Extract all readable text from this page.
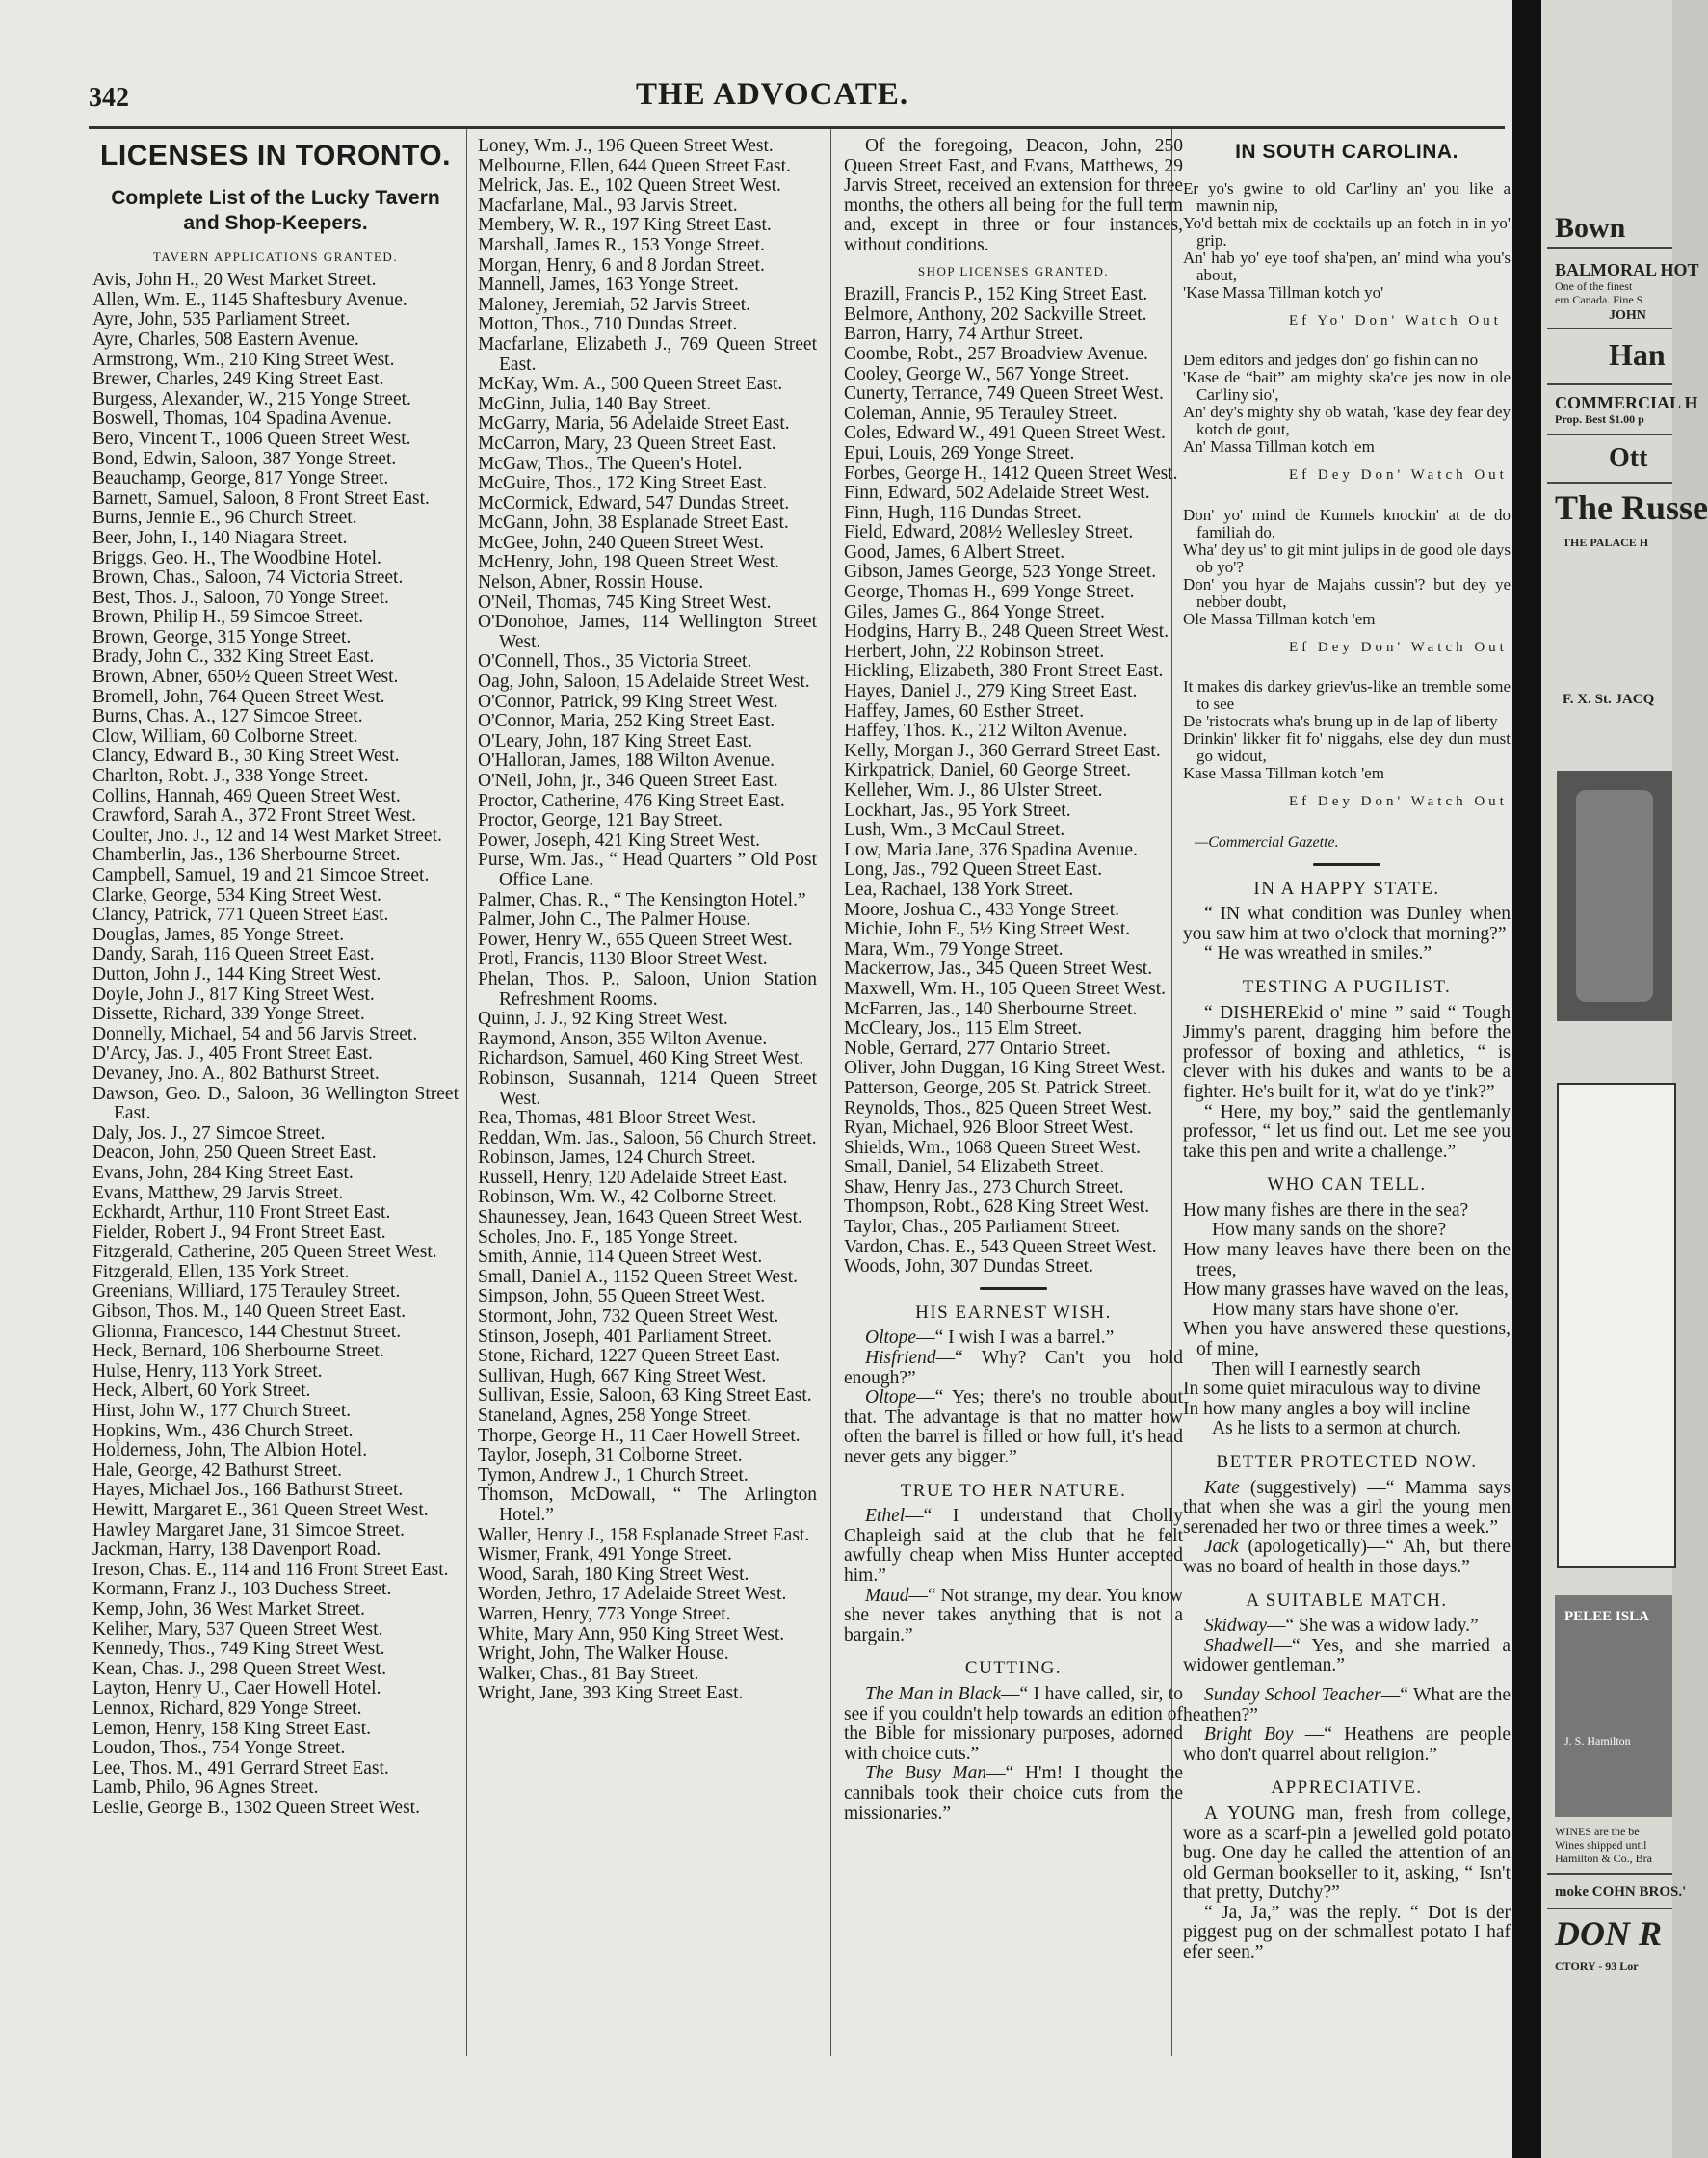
342	THE ADVOCATE.
LICENSES IN TORONTO.
Complete List of the Lucky Tavern and Shop-Keepers.
TAVERN APPLICATIONS GRANTED.
Avis, John H., 20 West Market Street.
Allen, Wm. E., 1145 Shaftesbury Avenue.
Ayre, John, 535 Parliament Street.
Ayre, Charles, 508 Eastern Avenue.
Armstrong, Wm., 210 King Street West.
Brewer, Charles, 249 King Street East.
Burgess, Alexander, W., 215 Yonge Street.
Boswell, Thomas, 104 Spadina Avenue.
Bero, Vincent T., 1006 Queen Street West.
Bond, Edwin, Saloon, 387 Yonge Street.
Beauchamp, George, 817 Yonge Street.
Barnett, Samuel, Saloon, 8 Front Street East.
Burns, Jennie E., 96 Church Street.
Beer, John, I., 140 Niagara Street.
Briggs, Geo. H., The Woodbine Hotel.
Brown, Chas., Saloon, 74 Victoria Street.
Best, Thos. J., Saloon, 70 Yonge Street.
Brown, Philip H., 59 Simcoe Street.
Brown, George, 315 Yonge Street.
Brady, John C., 332 King Street East.
Brown, Abner, 650½ Queen Street West.
Bromell, John, 764 Queen Street West.
Burns, Chas. A., 127 Simcoe Street.
Clow, William, 60 Colborne Street.
Clancy, Edward B., 30 King Street West.
Charlton, Robt. J., 338 Yonge Street.
Collins, Hannah, 469 Queen Street West.
Crawford, Sarah A., 372 Front Street West.
Coulter, Jno. J., 12 and 14 West Market Street.
Chamberlin, Jas., 136 Sherbourne Street.
Campbell, Samuel, 19 and 21 Simcoe Street.
Clarke, George, 534 King Street West.
Clancy, Patrick, 771 Queen Street East.
Douglas, James, 85 Yonge Street.
Dandy, Sarah, 116 Queen Street East.
Dutton, John J., 144 King Street West.
Doyle, John J., 817 King Street West.
Dissette, Richard, 339 Yonge Street.
Donnelly, Michael, 54 and 56 Jarvis Street.
D'Arcy, Jas. J., 405 Front Street East.
Devaney, Jno. A., 802 Bathurst Street.
Dawson, Geo. D., Saloon, 36 Wellington Street East.
Daly, Jos. J., 27 Simcoe Street.
Deacon, John, 250 Queen Street East.
Evans, John, 284 King Street East.
Evans, Matthew, 29 Jarvis Street.
Eckhardt, Arthur, 110 Front Street East.
Fielder, Robert J., 94 Front Street East.
Fitzgerald, Catherine, 205 Queen Street West.
Fitzgerald, Ellen, 135 York Street.
Greenians, Williard, 175 Terauley Street.
Gibson, Thos. M., 140 Queen Street East.
Glionna, Francesco, 144 Chestnut Street.
Heck, Bernard, 106 Sherbourne Street.
Hulse, Henry, 113 York Street.
Heck, Albert, 60 York Street.
Hirst, John W., 177 Church Street.
Hopkins, Wm., 436 Church Street.
Holderness, John, The Albion Hotel.
Hale, George, 42 Bathurst Street.
Hayes, Michael Jos., 166 Bathurst Street.
Hewitt, Margaret E., 361 Queen Street West.
Hawley Margaret Jane, 31 Simcoe Street.
Jackman, Harry, 138 Davenport Road.
Ireson, Chas. E., 114 and 116 Front Street East.
Kormann, Franz J., 103 Duchess Street.
Kemp, John, 36 West Market Street.
Keliher, Mary, 537 Queen Street West.
Kennedy, Thos., 749 King Street West.
Kean, Chas. J., 298 Queen Street West.
Layton, Henry U., Caer Howell Hotel.
Lennox, Richard, 829 Yonge Street.
Lemon, Henry, 158 King Street East.
Loudon, Thos., 754 Yonge Street.
Lee, Thos. M., 491 Gerrard Street East.
Lamb, Philo, 96 Agnes Street.
Leslie, George B., 1302 Queen Street West.
Loney, Wm. J., 196 Queen Street West.
Melbourne, Ellen, 644 Queen Street East.
Melrick, Jas. E., 102 Queen Street West.
Macfarlane, Mal., 93 Jarvis Street.
Membery, W. R., 197 King Street East.
Marshall, James R., 153 Yonge Street.
Morgan, Henry, 6 and 8 Jordan Street.
Mannell, James, 163 Yonge Street.
Maloney, Jeremiah, 52 Jarvis Street.
Motton, Thos., 710 Dundas Street.
Macfarlane, Elizabeth J., 769 Queen Street East.
McKay, Wm. A., 500 Queen Street East.
McGinn, Julia, 140 Bay Street.
McGarry, Maria, 56 Adelaide Street East.
McCarron, Mary, 23 Queen Street East.
McGaw, Thos., The Queen's Hotel.
McGuire, Thos., 172 King Street East.
McCormick, Edward, 547 Dundas Street.
McGann, John, 38 Esplanade Street East.
McGee, John, 240 Queen Street West.
McHenry, John, 198 Queen Street West.
Nelson, Abner, Rossin House.
O'Neil, Thomas, 745 King Street West.
O'Donohoe, James, 114 Wellington Street West.
O'Connell, Thos., 35 Victoria Street.
Oag, John, Saloon, 15 Adelaide Street West.
O'Connor, Patrick, 99 King Street West.
O'Connor, Maria, 252 King Street East.
O'Leary, John, 187 King Street East.
O'Halloran, James, 188 Wilton Avenue.
O'Neil, John, jr., 346 Queen Street East.
Proctor, Catherine, 476 King Street East.
Proctor, George, 121 Bay Street.
Power, Joseph, 421 King Street West.
Purse, Wm. Jas., “ Head Quarters ” Old Post Office Lane.
Palmer, Chas. R., “ The Kensington Hotel.”
Palmer, John C., The Palmer House.
Power, Henry W., 655 Queen Street West.
Protl, Francis, 1130 Bloor Street West.
Phelan, Thos. P., Saloon, Union Station Refreshment Rooms.
Quinn, J. J., 92 King Street West.
Raymond, Anson, 355 Wilton Avenue.
Richardson, Samuel, 460 King Street West.
Robinson, Susannah, 1214 Queen Street West.
Rea, Thomas, 481 Bloor Street West.
Reddan, Wm. Jas., Saloon, 56 Church Street.
Robinson, James, 124 Church Street.
Russell, Henry, 120 Adelaide Street East.
Robinson, Wm. W., 42 Colborne Street.
Shaunessey, Jean, 1643 Queen Street West.
Scholes, Jno. F., 185 Yonge Street.
Smith, Annie, 114 Queen Street West.
Small, Daniel A., 1152 Queen Street West.
Simpson, John, 55 Queen Street West.
Stormont, John, 732 Queen Street West.
Stinson, Joseph, 401 Parliament Street.
Stone, Richard, 1227 Queen Street East.
Sullivan, Hugh, 667 King Street West.
Sullivan, Essie, Saloon, 63 King Street East.
Staneland, Agnes, 258 Yonge Street.
Thorpe, George H., 11 Caer Howell Street.
Taylor, Joseph, 31 Colborne Street.
Tymon, Andrew J., 1 Church Street.
Thomson, McDowall, “ The Arlington Hotel.”
Waller, Henry J., 158 Esplanade Street East.
Wismer, Frank, 491 Yonge Street.
Wood, Sarah, 180 King Street West.
Worden, Jethro, 17 Adelaide Street West.
Warren, Henry, 773 Yonge Street.
White, Mary Ann, 950 King Street West.
Wright, John, The Walker House.
Walker, Chas., 81 Bay Street.
Wright, Jane, 393 King Street East.

Of the foregoing, Deacon, John, 250 Queen Street East, and Evans, Matthews, 29 Jarvis Street, received an extension for three months, the others all being for the full term and, except in three or four instances, without conditions.

SHOP LICENSES GRANTED.
Brazill, Francis P., 152 King Street East.
Belmore, Anthony, 202 Sackville Street.
Barron, Harry, 74 Arthur Street.
Coombe, Robt., 257 Broadview Avenue.
Cooley, George W., 567 Yonge Street.
Cunerty, Terrance, 749 Queen Street West.
Coleman, Annie, 95 Terauley Street.
Coles, Edward W., 491 Queen Street West.
Epui, Louis, 269 Yonge Street.
Forbes, George H., 1412 Queen Street West.
Finn, Edward, 502 Adelaide Street West.
Finn, Hugh, 116 Dundas Street.
Field, Edward, 208½ Wellesley Street.
Good, James, 6 Albert Street.
Gibson, James George, 523 Yonge Street.
George, Thomas H., 699 Yonge Street.
Giles, James G., 864 Yonge Street.
Hodgins, Harry B., 248 Queen Street West.
Herbert, John, 22 Robinson Street.
Hickling, Elizabeth, 380 Front Street East.
Hayes, Daniel J., 279 King Street East.
Haffey, James, 60 Esther Street.
Haffey, Thos. K., 212 Wilton Avenue.
Kelly, Morgan J., 360 Gerrard Street East.
Kirkpatrick, Daniel, 60 George Street.
Kelleher, Wm. J., 86 Ulster Street.
Lockhart, Jas., 95 York Street.
Lush, Wm., 3 McCaul Street.
Low, Maria Jane, 376 Spadina Avenue.
Long, Jas., 792 Queen Street East.
Lea, Rachael, 138 York Street.
Moore, Joshua C., 433 Yonge Street.
Michie, John F., 5½ King Street West.
Mara, Wm., 79 Yonge Street.
Mackerrow, Jas., 345 Queen Street West.
Maxwell, Wm. H., 105 Queen Street West.
McFarren, Jas., 140 Sherbourne Street.
McCleary, Jos., 115 Elm Street.
Noble, Gerrard, 277 Ontario Street.
Oliver, John Duggan, 16 King Street West.
Patterson, George, 205 St. Patrick Street.
Reynolds, Thos., 825 Queen Street West.
Ryan, Michael, 926 Bloor Street West.
Shields, Wm., 1068 Queen Street West.
Small, Daniel, 54 Elizabeth Street.
Shaw, Henry Jas., 273 Church Street.
Thompson, Robt., 628 King Street West.
Taylor, Chas., 205 Parliament Street.
Vardon, Chas. E., 543 Queen Street West.
Woods, John, 307 Dundas Street.
HIS EARNEST WISH.

Oltope—“ I wish I was a barrel.”

Hisfriend—“ Why? Can't you hold enough?”

Oltope—“ Yes; there's no trouble about that. The advantage is that no matter how often the barrel is filled or how full, it's head never gets any bigger.”

TRUE TO HER NATURE.

Ethel—“ I understand that Cholly Chapleigh said at the club that he felt awfully cheap when Miss Hunter accepted him.”

Maud—“ Not strange, my dear. You know she never takes anything that is not a bargain.”

CUTTING.

The Man in Black—“ I have called, sir, to see if you couldn't help towards an edition of the Bible for missionary purposes, adorned with choice cuts.”

The Busy Man—“ H'm! I thought the cannibals took their choice cuts from the missionaries.”

IN SOUTH CAROLINA.
Er yo's gwine to old Car'liny an' you like a mawnin nip,
Yo'd bettah mix de cocktails up an fotch in in yo' grip.
An' hab yo' eye toof sha'pen, an' mind wha you's about,
'Kase Massa Tillman kotch yo'
Ef Yo' Don' Watch Out
Dem editors and jedges don' go fishin can no
'Kase de “bait” am mighty ska'ce jes now in ole Car'liny sio',
An' dey's mighty shy ob watah, 'kase dey fear dey kotch de gout,
An' Massa Tillman kotch 'em
Ef Dey Don' Watch Out
Don' yo' mind de Kunnels knockin' at de do familiah do,
Wha' dey us' to git mint julips in de good ole days ob yo'?
Don' you hyar de Majahs cussin'? but dey ye nebber doubt,
Ole Massa Tillman kotch 'em
Ef Dey Don' Watch Out
It makes dis darkey griev'us-like an tremble some to see
De 'ristocrats wha's brung up in de lap of liberty
Drinkin' likker fit fo' niggahs, else dey dun must go widout,
Kase Massa Tillman kotch 'em
Ef Dey Don' Watch Out
—Commercial Gazette.
IN A HAPPY STATE.

“ IN what condition was Dunley when you saw him at two o'clock that morning?”

“ He was wreathed in smiles.”

TESTING A PUGILIST.

“ DISHEREkid o' mine ” said “ Tough Jimmy's parent, dragging him before the professor of boxing and athletics, “ is clever with his dukes and wants to be a fighter. He's built for it, w'at do ye t'ink?”

“ Here, my boy,” said the gentlemanly professor, “ let us find out. Let me see you take this pen and write a challenge.”

WHO CAN TELL.
How many fishes are there in the sea?
How many sands on the shore?
How many leaves have there been on the trees,
How many grasses have waved on the leas,
How many stars have shone o'er.
When you have answered these questions, of mine,
Then will I earnestly search
In some quiet miraculous way to divine
In how many angles a boy will incline
As he lists to a sermon at church.
BETTER PROTECTED NOW.

Kate (suggestively) —“ Mamma says that when she was a girl the young men serenaded her two or three times a week.”

Jack (apologetically)—“ Ah, but there was no board of health in those days.”

A SUITABLE MATCH.

Skidway—“ She was a widow lady.”

Shadwell—“ Yes, and she married a widower gentleman.”

Sunday School Teacher—“ What are the heathen?”

Bright Boy —“ Heathens are people who don't quarrel about religion.”

APPRECIATIVE.

A YOUNG man, fresh from college, wore as a scarf-pin a jewelled gold potato bug. One day he called the attention of an old German bookseller to it, asking, “ Isn't that pretty, Dutchy?”

“ Ja, Ja,” was the reply. “ Dot is der piggest pug on der schmallest potato I haf efer seen.”

Bown
BALMORAL HOT
One of the finest
ern Canada. Fine S
JOHN
Han
COMMERCIAL H
Prop. Best $1.00 p
Ott
The Russe
THE PALACE H
F. X. St. JACQ
PELEE ISLA
J. S. Hamilton
WINES are the be
Wines shipped until
Hamilton & Co., Bra
moke COHN BROS.'
DON R
CTORY - 93 Lor
